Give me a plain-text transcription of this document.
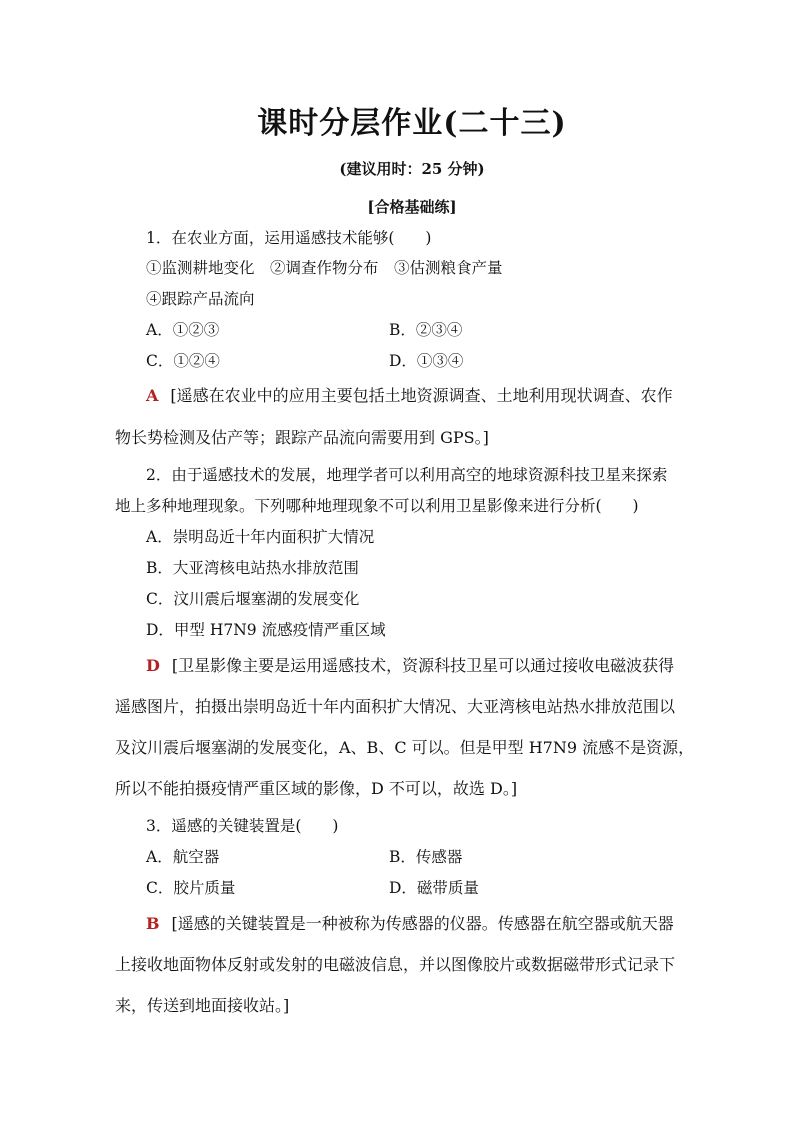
课时分层作业(二十三)
(建议用时：25 分钟)
[合格基础练]
1．在农业方面，运用遥感技术能够(　　)
①监测耕地变化　②调查作物分布　③估测粮食产量
④跟踪产品流向
A．①②③	B．②③④
C．①②④	D．①③④
A [遥感在农业中的应用主要包括土地资源调查、土地利用现状调查、农作
物长势检测及估产等；跟踪产品流向需要用到 GPS。]
2．由于遥感技术的发展，地理学者可以利用高空的地球资源科技卫星来探索
地上多种地理现象。下列哪种地理现象不可以利用卫星影像来进行分析(　　)
A．崇明岛近十年内面积扩大情况
B．大亚湾核电站热水排放范围
C．汶川震后堰塞湖的发展变化
D．甲型 H7N9 流感疫情严重区域
D [卫星影像主要是运用遥感技术，资源科技卫星可以通过接收电磁波获得
遥感图片，拍摄出崇明岛近十年内面积扩大情况、大亚湾核电站热水排放范围以
及汶川震后堰塞湖的发展变化，A、B、C 可以。但是甲型 H7N9 流感不是资源，
所以不能拍摄疫情严重区域的影像，D 不可以，故选 D。]
3．遥感的关键装置是(　　)
A．航空器	B．传感器
C．胶片质量	D．磁带质量
B [遥感的关键装置是一种被称为传感器的仪器。传感器在航空器或航天器
上接收地面物体反射或发射的电磁波信息，并以图像胶片或数据磁带形式记录下
来，传送到地面接收站。]
